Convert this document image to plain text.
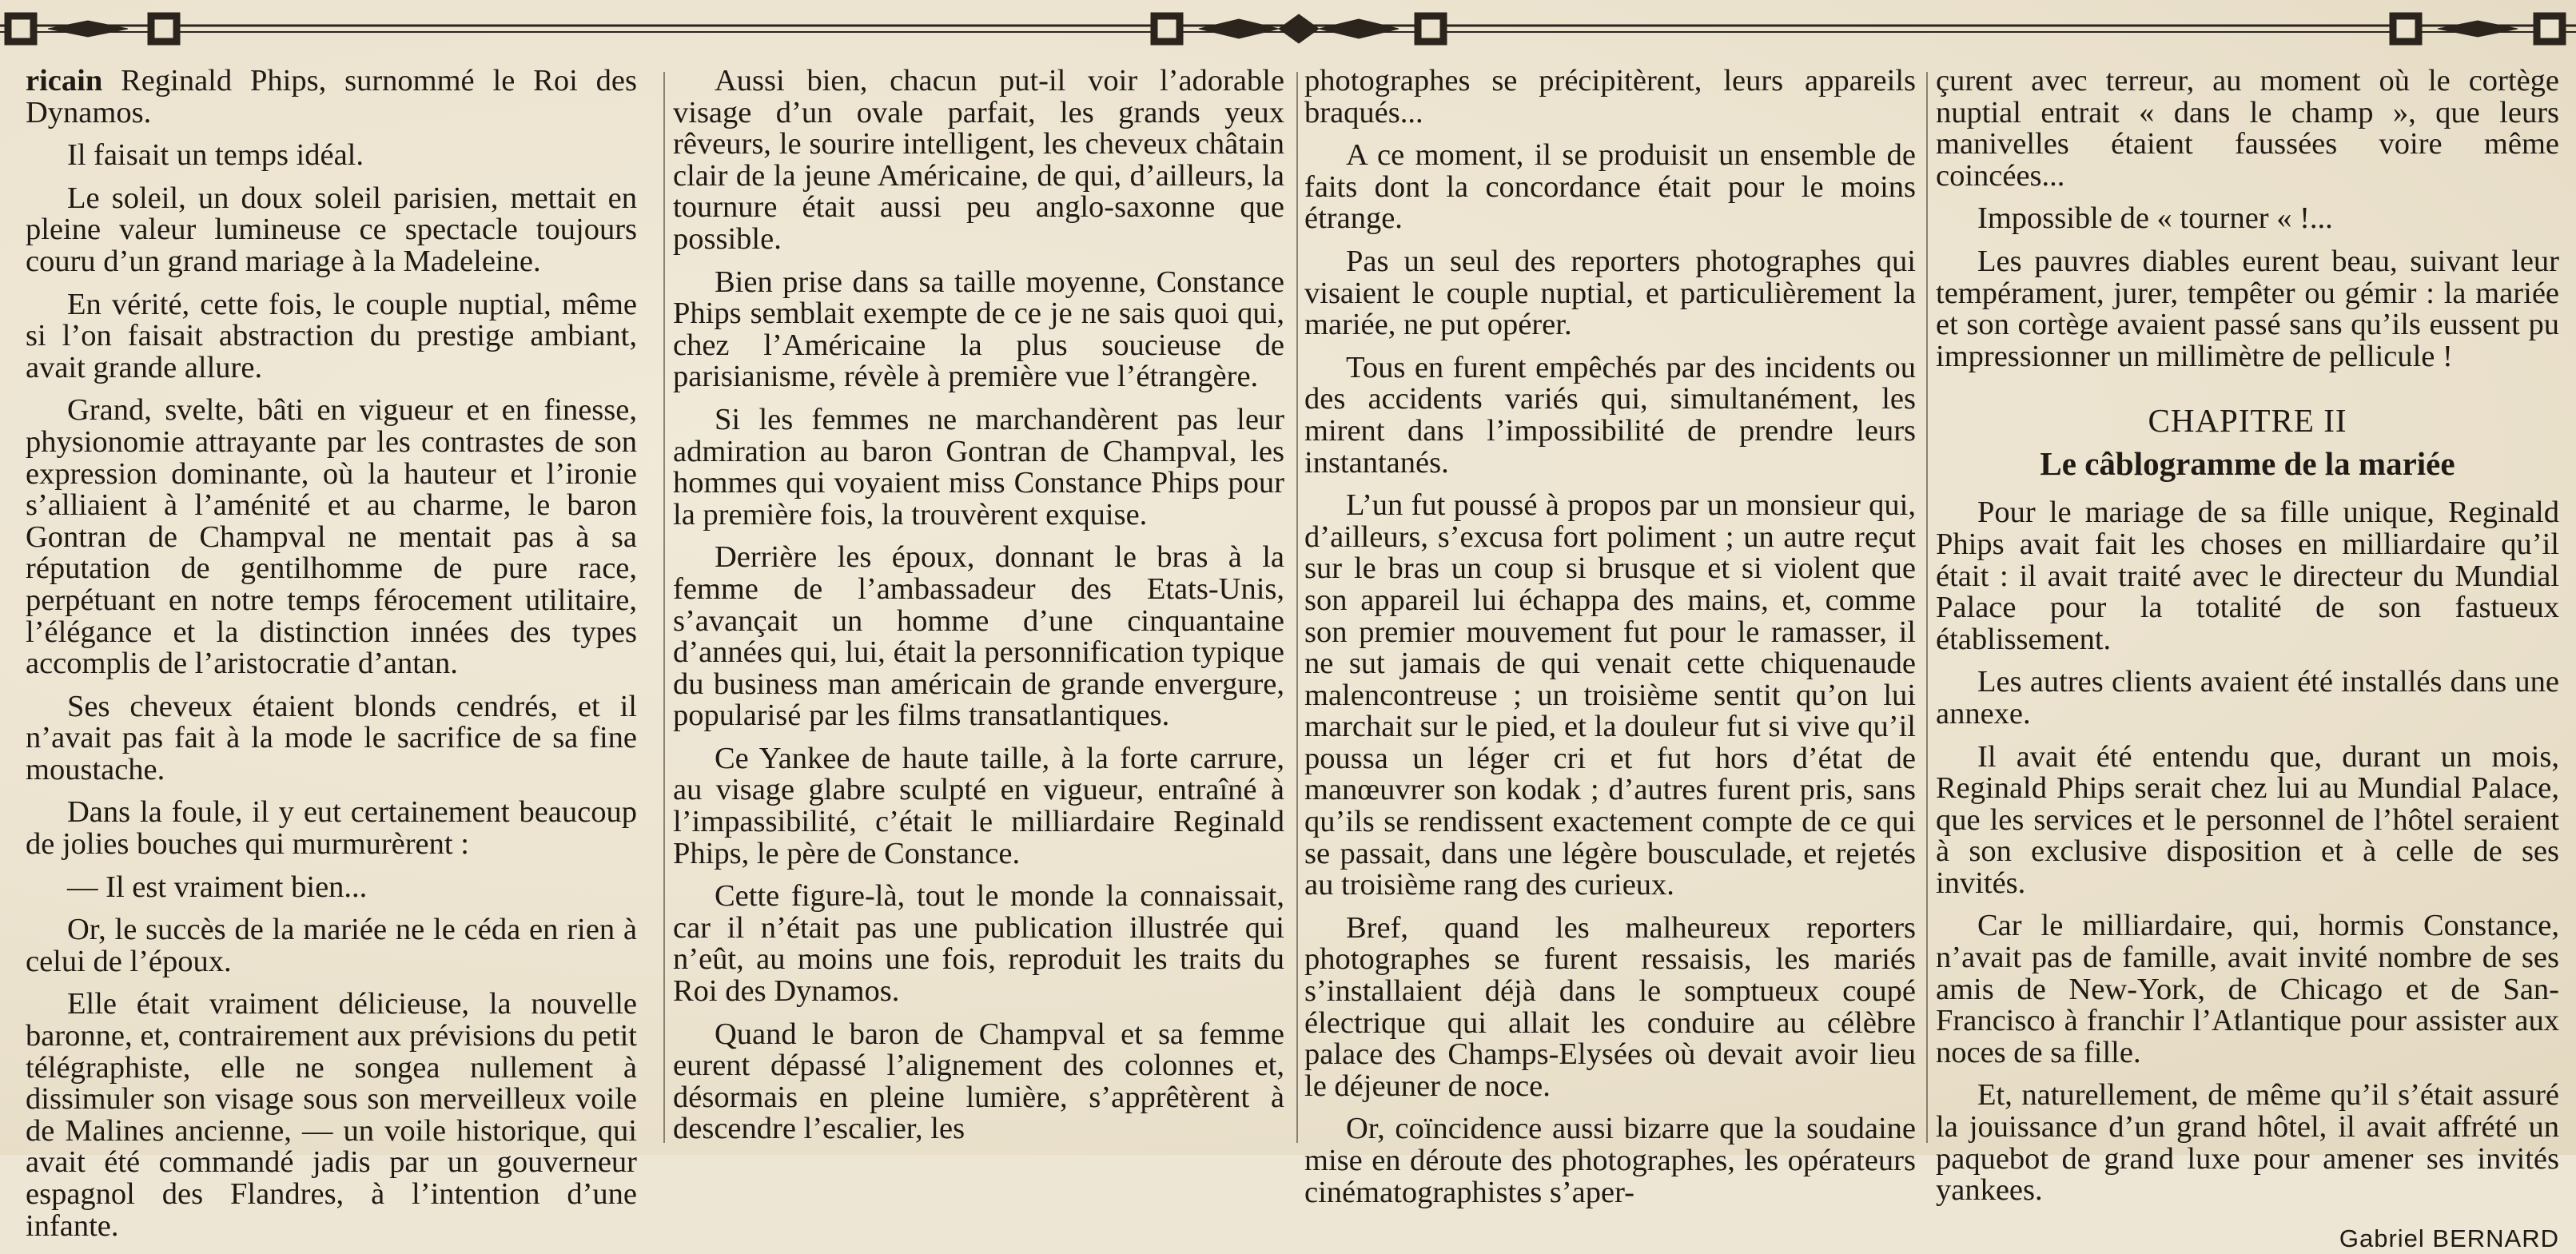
ricain Reginald Phips, surnommé le Roi des Dynamos.

Il faisait un temps idéal.

Le soleil, un doux soleil parisien, mettait en pleine valeur lumineuse ce spectacle toujours couru d’un grand mariage à la Madeleine.

En vérité, cette fois, le couple nuptial, même si l’on faisait abstraction du prestige ambiant, avait grande allure.

Grand, svelte, bâti en vigueur et en finesse, physionomie attrayante par les contrastes de son expression dominante, où la hauteur et l’ironie s’alliaient à l’aménité et au charme, le baron Gontran de Champval ne mentait pas à sa réputation de gentilhomme de pure race, perpétuant en notre temps férocement utilitaire, l’élégance et la distinction innées des types accomplis de l’aristocratie d’antan.

Ses cheveux étaient blonds cendrés, et il n’avait pas fait à la mode le sacrifice de sa fine moustache.

Dans la foule, il y eut certainement beaucoup de jolies bouches qui murmurèrent :

— Il est vraiment bien...

Or, le succès de la mariée ne le céda en rien à celui de l’époux.

Elle était vraiment délicieuse, la nouvelle baronne, et, contrairement aux prévisions du petit télégraphiste, elle ne songea nullement à dissimuler son visage sous son merveilleux voile de Malines ancienne, — un voile historique, qui avait été commandé jadis par un gouverneur espagnol des Flandres, à l’intention d’une infante.

Aussi bien, chacun put-il voir l’adorable visage d’un ovale parfait, les grands yeux rêveurs, le sourire intelligent, les cheveux châtain clair de la jeune Américaine, de qui, d’ailleurs, la tournure était aussi peu anglo-saxonne que possible.

Bien prise dans sa taille moyenne, Constance Phips semblait exempte de ce je ne sais quoi qui, chez l’Américaine la plus soucieuse de parisianisme, révèle à première vue l’étrangère.

Si les femmes ne marchandèrent pas leur admiration au baron Gontran de Champval, les hommes qui voyaient miss Constance Phips pour la première fois, la trouvèrent exquise.

Derrière les époux, donnant le bras à la femme de l’ambassadeur des Etats-Unis, s’avançait un homme d’une cinquantaine d’années qui, lui, était la personnification typique du business man américain de grande envergure, popularisé par les films transatlantiques.

Ce Yankee de haute taille, à la forte carrure, au visage glabre sculpté en vigueur, entraîné à l’impassibilité, c’était le milliardaire Reginald Phips, le père de Constance.

Cette figure-là, tout le monde la connaissait, car il n’était pas une publication illustrée qui n’eût, au moins une fois, reproduit les traits du Roi des Dynamos.

Quand le baron de Champval et sa femme eurent dépassé l’alignement des colonnes et, désormais en pleine lumière, s’apprêtèrent à descendre l’escalier, les

photographes se précipitèrent, leurs appareils braqués...

A ce moment, il se produisit un ensemble de faits dont la concordance était pour le moins étrange.

Pas un seul des reporters photographes qui visaient le couple nuptial, et particulièrement la mariée, ne put opérer.

Tous en furent empêchés par des incidents ou des accidents variés qui, simultanément, les mirent dans l’impossibilité de prendre leurs instantanés.

L’un fut poussé à propos par un monsieur qui, d’ailleurs, s’excusa fort poliment ; un autre reçut sur le bras un coup si brusque et si violent que son appareil lui échappa des mains, et, comme son premier mouvement fut pour le ramasser, il ne sut jamais de qui venait cette chiquenaude malencontreuse ; un troisième sentit qu’on lui marchait sur le pied, et la douleur fut si vive qu’il poussa un léger cri et fut hors d’état de manœuvrer son kodak ; d’autres furent pris, sans qu’ils se rendissent exactement compte de ce qui se passait, dans une légère bousculade, et rejetés au troisième rang des curieux.

Bref, quand les malheureux reporters photographes se furent ressaisis, les mariés s’installaient déjà dans le somptueux coupé électrique qui allait les conduire au célèbre palace des Champs-Elysées où devait avoir lieu le déjeuner de noce.

Or, coïncidence aussi bizarre que la soudaine mise en déroute des photographes, les opérateurs cinématographistes s’aper-

çurent avec terreur, au moment où le cortège nuptial entrait « dans le champ », que leurs manivelles étaient faussées voire même coincées...

Impossible de « tourner « !...

Les pauvres diables eurent beau, suivant leur tempérament, jurer, tempêter ou gémir : la mariée et son cortège avaient passé sans qu’ils eussent pu impressionner un millimètre de pellicule !

CHAPITRE II

Le câblogramme de la mariée

Pour le mariage de sa fille unique, Reginald Phips avait fait les choses en milliardaire qu’il était : il avait traité avec le directeur du Mundial Palace pour la totalité de son fastueux établissement.

Les autres clients avaient été installés dans une annexe.

Il avait été entendu que, durant un mois, Reginald Phips serait chez lui au Mundial Palace, que les services et le personnel de l’hôtel seraient à son exclusive disposition et à celle de ses invités.

Car le milliardaire, qui, hormis Constance, n’avait pas de famille, avait invité nombre de ses amis de New-York, de Chicago et de San-Francisco à franchir l’Atlantique pour assister aux noces de sa fille.

Et, naturellement, de même qu’il s’était assuré la jouissance d’un grand hôtel, il avait affrété un paquebot de grand luxe pour amener ses invités yankees.

Gabriel BERNARD
